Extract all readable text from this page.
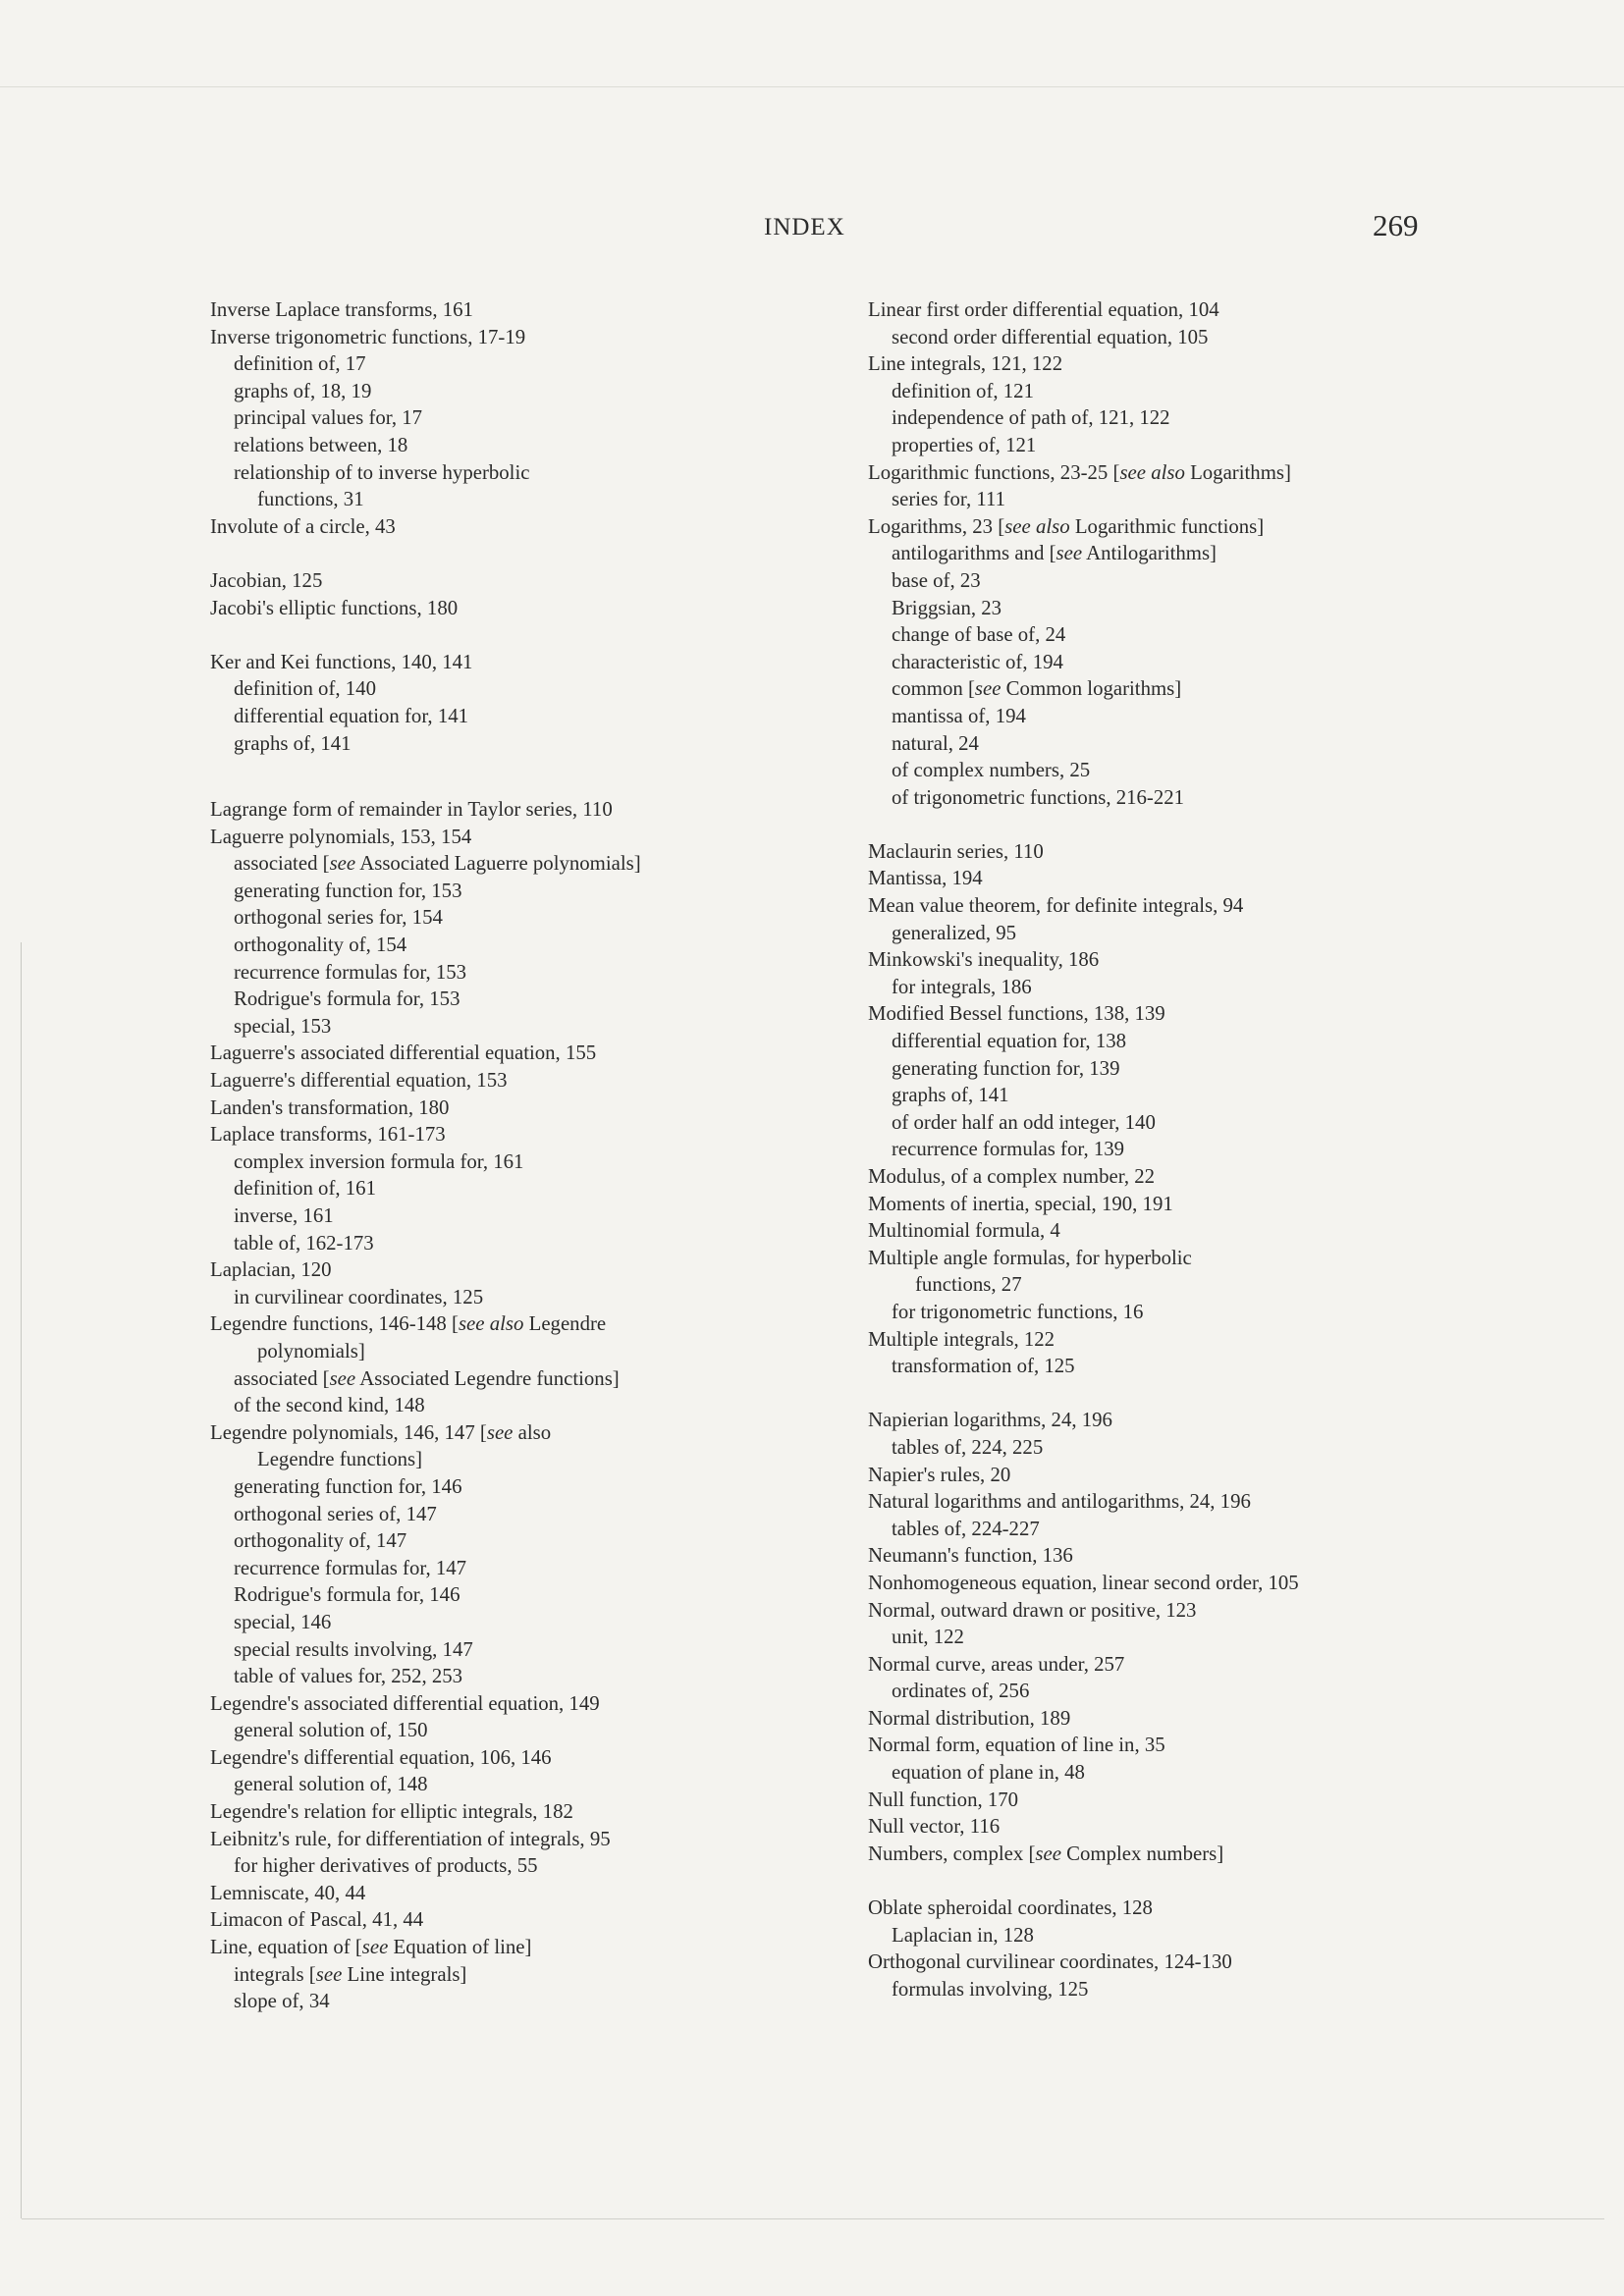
INDEX	269
Inverse Laplace transforms, 161
Inverse trigonometric functions, 17-19
definition of, 17
graphs of, 18, 19
principal values for, 17
relations between, 18
relationship of to inverse hyperbolic
functions, 31
Involute of a circle, 43
Jacobian, 125
Jacobi's elliptic functions, 180
Ker and Kei functions, 140, 141
definition of, 140
differential equation for, 141
graphs of, 141
Lagrange form of remainder in Taylor series, 110
Laguerre polynomials, 153, 154
associated [see Associated Laguerre polynomials]
generating function for, 153
orthogonal series for, 154
orthogonality of, 154
recurrence formulas for, 153
Rodrigue's formula for, 153
special, 153
Laguerre's associated differential equation, 155
Laguerre's differential equation, 153
Landen's transformation, 180
Laplace transforms, 161-173
complex inversion formula for, 161
definition of, 161
inverse, 161
table of, 162-173
Laplacian, 120
in curvilinear coordinates, 125
Legendre functions, 146-148 [see also Legendre
polynomials]
associated [see Associated Legendre functions]
of the second kind, 148
Legendre polynomials, 146, 147 [see also
Legendre functions]
generating function for, 146
orthogonal series of, 147
orthogonality of, 147
recurrence formulas for, 147
Rodrigue's formula for, 146
special, 146
special results involving, 147
table of values for, 252, 253
Legendre's associated differential equation, 149
general solution of, 150
Legendre's differential equation, 106, 146
general solution of, 148
Legendre's relation for elliptic integrals, 182
Leibnitz's rule, for differentiation of integrals, 95
for higher derivatives of products, 55
Lemniscate, 40, 44
Limacon of Pascal, 41, 44
Line, equation of [see Equation of line]
integrals [see Line integrals]
slope of, 34
Linear first order differential equation, 104
second order differential equation, 105
Line integrals, 121, 122
definition of, 121
independence of path of, 121, 122
properties of, 121
Logarithmic functions, 23-25 [see also Logarithms]
series for, 111
Logarithms, 23 [see also Logarithmic functions]
antilogarithms and [see Antilogarithms]
base of, 23
Briggsian, 23
change of base of, 24
characteristic of, 194
common [see Common logarithms]
mantissa of, 194
natural, 24
of complex numbers, 25
of trigonometric functions, 216-221
Maclaurin series, 110
Mantissa, 194
Mean value theorem, for definite integrals, 94
generalized, 95
Minkowski's inequality, 186
for integrals, 186
Modified Bessel functions, 138, 139
differential equation for, 138
generating function for, 139
graphs of, 141
of order half an odd integer, 140
recurrence formulas for, 139
Modulus, of a complex number, 22
Moments of inertia, special, 190, 191
Multinomial formula, 4
Multiple angle formulas, for hyperbolic
functions, 27
for trigonometric functions, 16
Multiple integrals, 122
transformation of, 125
Napierian logarithms, 24, 196
tables of, 224, 225
Napier's rules, 20
Natural logarithms and antilogarithms, 24, 196
tables of, 224-227
Neumann's function, 136
Nonhomogeneous equation, linear second order, 105
Normal, outward drawn or positive, 123
unit, 122
Normal curve, areas under, 257
ordinates of, 256
Normal distribution, 189
Normal form, equation of line in, 35
equation of plane in, 48
Null function, 170
Null vector, 116
Numbers, complex [see Complex numbers]
Oblate spheroidal coordinates, 128
Laplacian in, 128
Orthogonal curvilinear coordinates, 124-130
formulas involving, 125
